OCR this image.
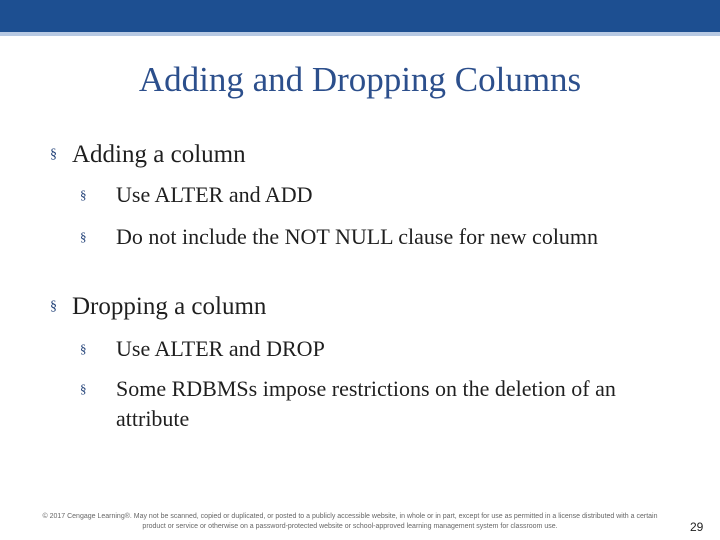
Adding and Dropping Columns
§ Adding a column
§ Use ALTER and ADD
§ Do not include the NOT NULL clause for new column
§ Dropping a column
§ Use ALTER and DROP
§ Some RDBMSs impose restrictions on the deletion of an attribute
© 2017 Cengage Learning®. May not be scanned, copied or duplicated, or posted to a publicly accessible website, in whole or in part, except for use as permitted in a license distributed with a certain product or service or otherwise on a password-protected website or school-approved learning management system for classroom use.	29
